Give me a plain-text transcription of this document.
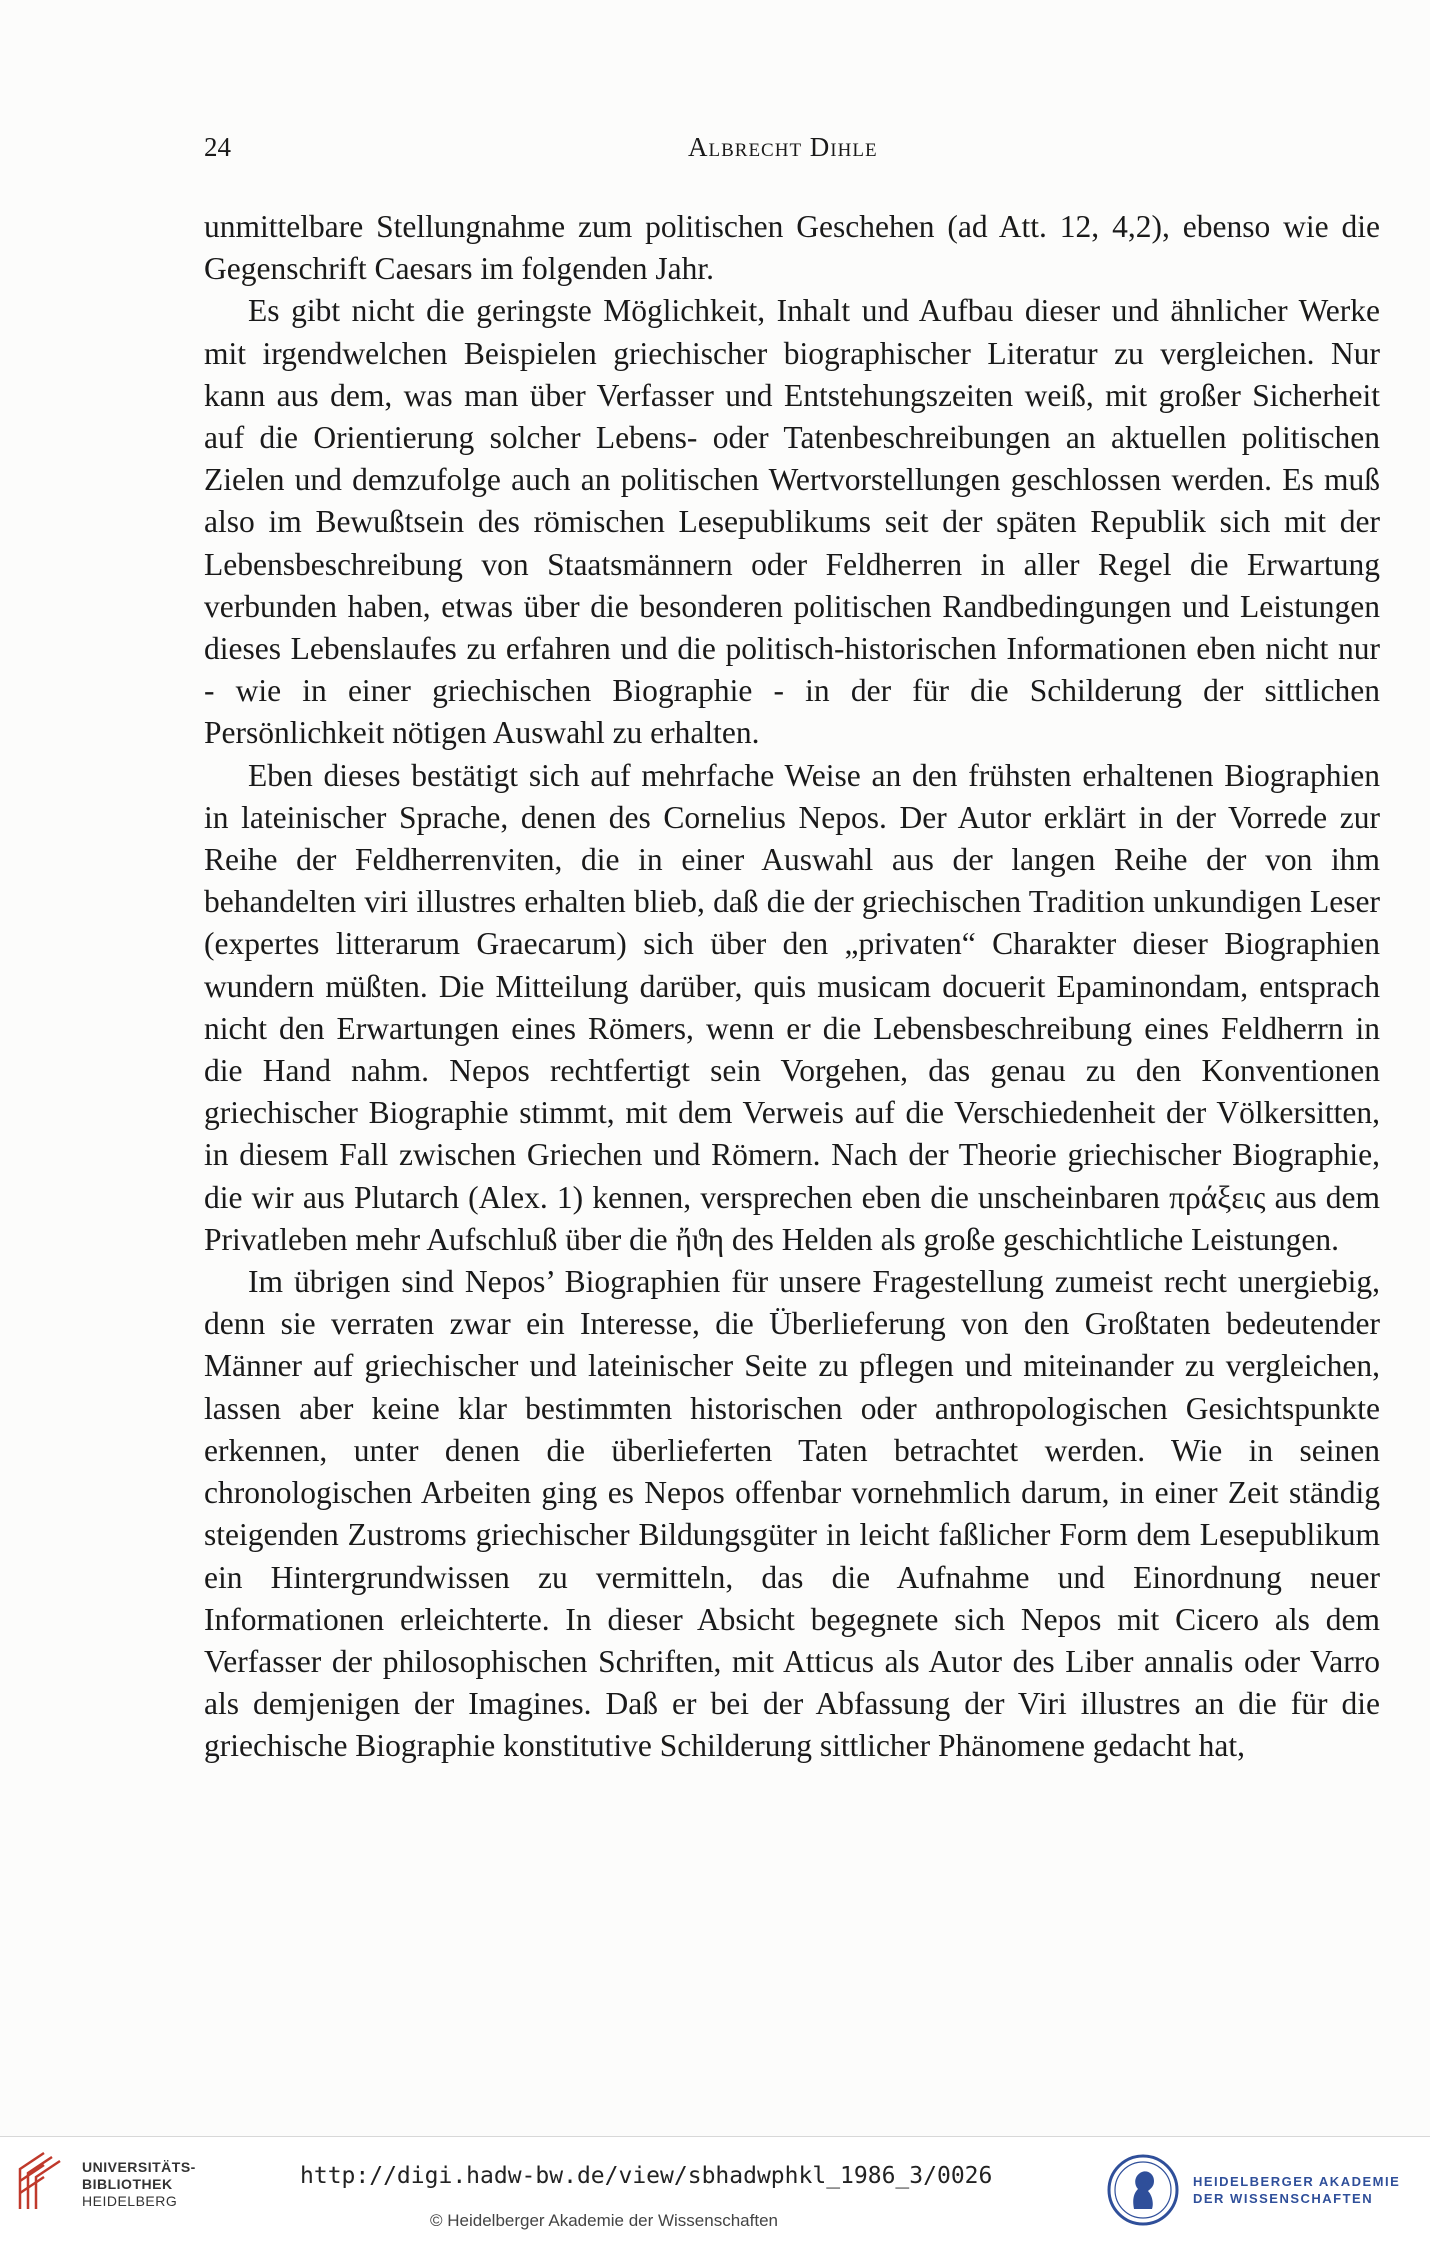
24	Albrecht Dihle

unmittelbare Stellungnahme zum politischen Geschehen (ad Att. 12, 4,2), ebenso wie die Gegenschrift Caesars im folgenden Jahr.

Es gibt nicht die geringste Möglichkeit, Inhalt und Aufbau dieser und ähnlicher Werke mit irgendwelchen Beispielen griechischer biographischer Literatur zu vergleichen. Nur kann aus dem, was man über Verfasser und Entstehungszeiten weiß, mit großer Sicherheit auf die Orientierung solcher Lebens- oder Tatenbeschreibungen an aktuellen politischen Zielen und demzufolge auch an politischen Wertvorstellungen geschlossen werden. Es muß also im Bewußtsein des römischen Lesepublikums seit der späten Republik sich mit der Lebensbeschreibung von Staatsmännern oder Feldherren in aller Regel die Erwartung verbunden haben, etwas über die besonderen politischen Randbedingungen und Leistungen dieses Lebenslaufes zu erfahren und die politisch-historischen Informationen eben nicht nur - wie in einer griechischen Biographie - in der für die Schilderung der sittlichen Persönlichkeit nötigen Auswahl zu erhalten.

Eben dieses bestätigt sich auf mehrfache Weise an den frühsten erhaltenen Biographien in lateinischer Sprache, denen des Cornelius Nepos. Der Autor erklärt in der Vorrede zur Reihe der Feldherrenviten, die in einer Auswahl aus der langen Reihe der von ihm behandelten viri illustres erhalten blieb, daß die der griechischen Tradition unkundigen Leser (expertes litterarum Graecarum) sich über den „privaten“ Charakter dieser Biographien wundern müßten. Die Mitteilung darüber, quis musicam docuerit Epaminondam, entsprach nicht den Erwartungen eines Römers, wenn er die Lebensbeschreibung eines Feldherrn in die Hand nahm. Nepos rechtfertigt sein Vorgehen, das genau zu den Konventionen griechischer Biographie stimmt, mit dem Verweis auf die Verschiedenheit der Völkersitten, in diesem Fall zwischen Griechen und Römern. Nach der Theorie griechischer Biographie, die wir aus Plutarch (Alex. 1) kennen, versprechen eben die unscheinbaren πράξεις aus dem Privatleben mehr Aufschluß über die ἤϑη des Helden als große geschichtliche Leistungen.

Im übrigen sind Nepos’ Biographien für unsere Fragestellung zumeist recht unergiebig, denn sie verraten zwar ein Interesse, die Überlieferung von den Großtaten bedeutender Männer auf griechischer und lateinischer Seite zu pflegen und miteinander zu vergleichen, lassen aber keine klar bestimmten historischen oder anthropologischen Gesichtspunkte erkennen, unter denen die überlieferten Taten betrachtet werden. Wie in seinen chronologischen Arbeiten ging es Nepos offenbar vornehmlich darum, in einer Zeit ständig steigenden Zustroms griechischer Bildungsgüter in leicht faßlicher Form dem Lesepublikum ein Hintergrundwissen zu vermitteln, das die Aufnahme und Einordnung neuer Informationen erleichterte. In dieser Absicht begegnete sich Nepos mit Cicero als dem Verfasser der philosophischen Schriften, mit Atticus als Autor des Liber annalis oder Varro als demjenigen der Imagines. Daß er bei der Abfassung der Viri illustres an die für die griechische Biographie konstitutive Schilderung sittlicher Phänomene gedacht hat,

UNIVERSITÄTS-
BIBLIOTHEK
HEIDELBERG
http://digi.hadw-bw.de/view/sbhadwphkl_1986_3/0026
© Heidelberger Akademie der Wissenschaften
HEIDELBERGER AKADEMIE
DER WISSENSCHAFTEN
